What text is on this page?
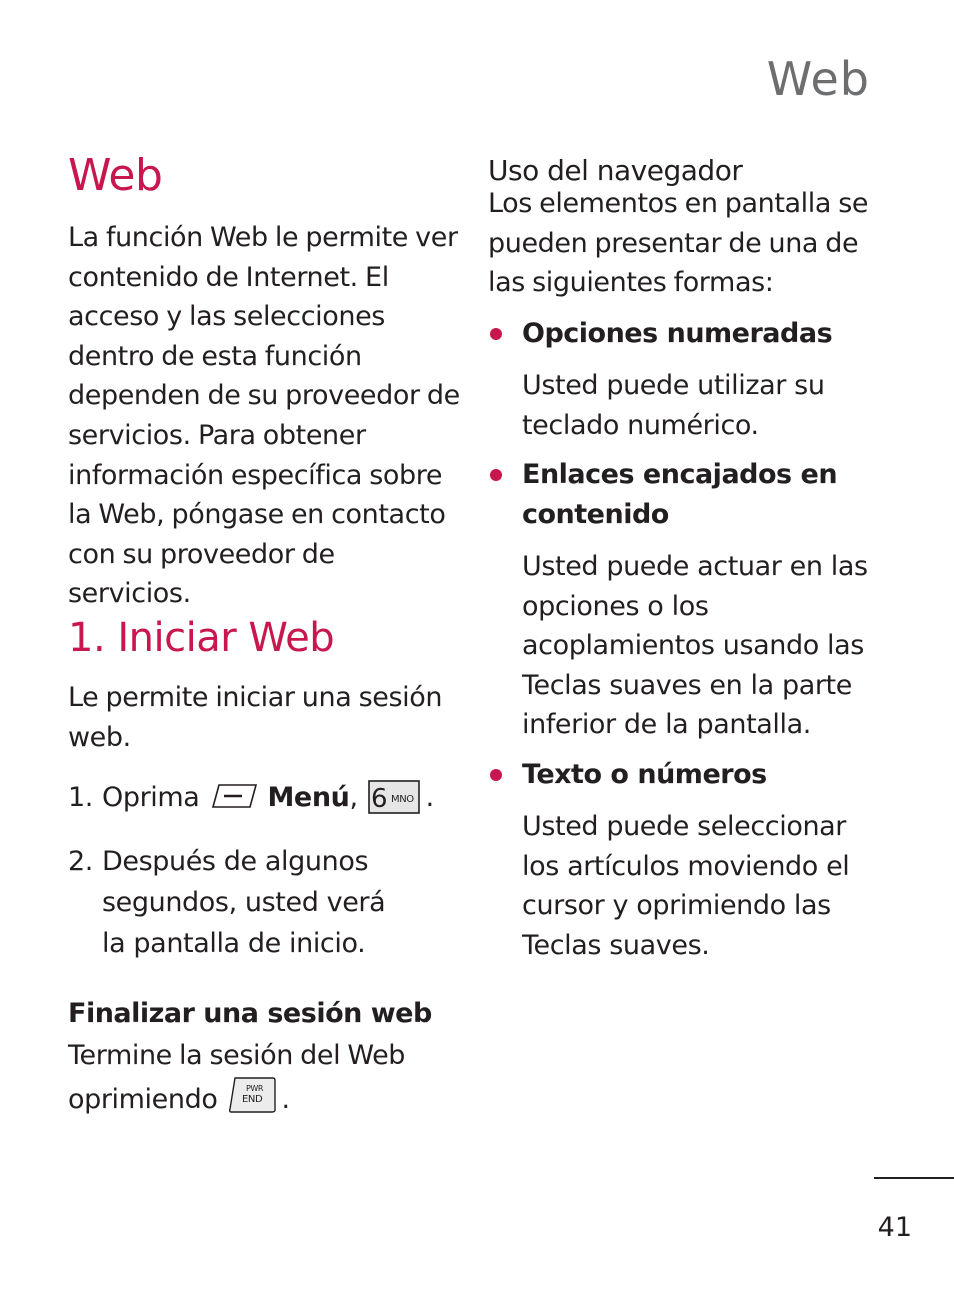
Web
Web
La función Web le permite ver contenido de Internet. El acceso y las selecciones dentro de esta función dependen de su proveedor de servicios. Para obtener información específica sobre la Web, póngase en contacto con su proveedor de servicios.
1. Iniciar Web
Le permite iniciar una sesión web.
1. Oprima	Menú, 6 MNO .
2. Después de algunos segundos, usted verá la pantalla de inicio.
Finalizar una sesión web
Termine la sesión del Web oprimiendo	PWR
END .
Uso del navegador
Los elementos en pantalla se pueden presentar de una de las siguientes formas:
Opciones numeradas
Usted puede utilizar su teclado numérico.
Enlaces encajados en contenido
Usted puede actuar en las opciones o los acoplamientos usando las Teclas suaves en la parte inferior de la pantalla.
Texto o números
Usted puede seleccionar los artículos moviendo el cursor y oprimiendo las Teclas suaves.
41
